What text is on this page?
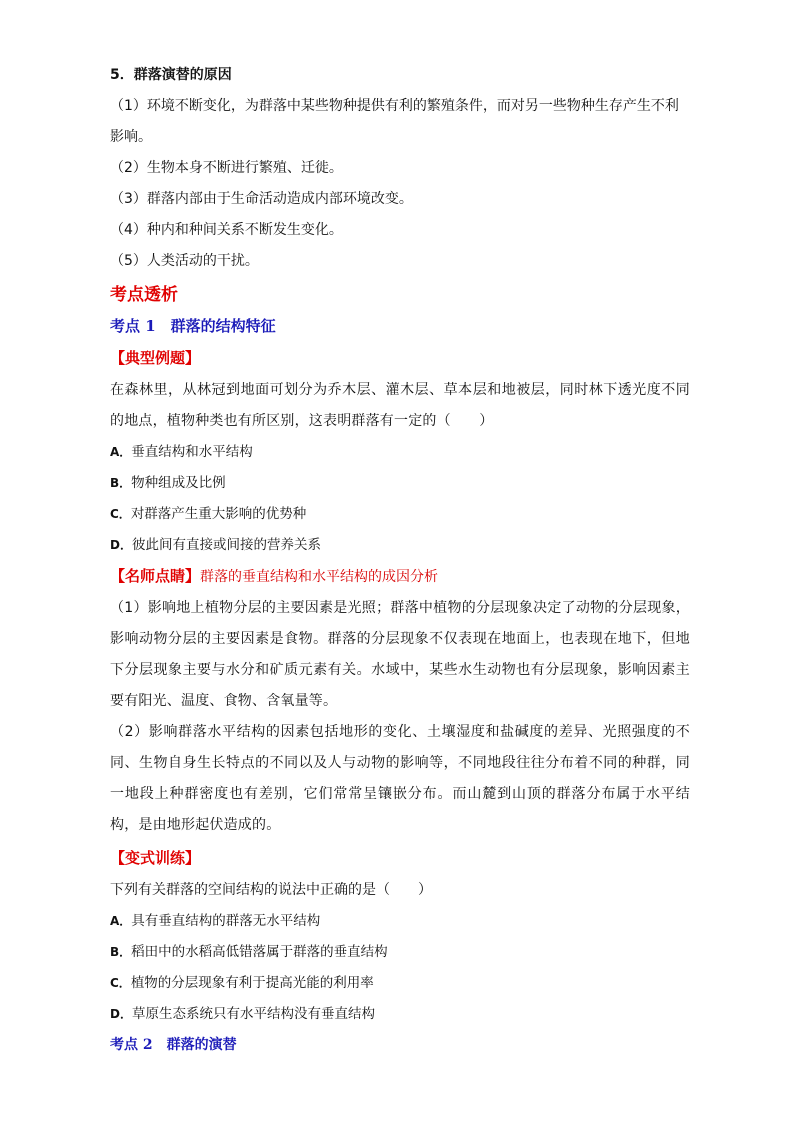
5．群落演替的原因
（1）环境不断变化，为群落中某些物种提供有利的繁殖条件，而对另一些物种生存产生不利影响。
（2）生物本身不断进行繁殖、迁徙。
（3）群落内部由于生命活动造成内部环境改变。
（4）种内和种间关系不断发生变化。
（5）人类活动的干扰。
考点透析
考点 1　群落的结构特征
【典型例题】
在森林里，从林冠到地面可划分为乔木层、灌木层、草本层和地被层，同时林下透光度不同的地点，植物种类也有所区别，这表明群落有一定的（　　）
A．垂直结构和水平结构
B．物种组成及比例
C．对群落产生重大影响的优势种
D．彼此间有直接或间接的营养关系
【名师点睛】群落的垂直结构和水平结构的成因分析
（1）影响地上植物分层的主要因素是光照；群落中植物的分层现象决定了动物的分层现象，影响动物分层的主要因素是食物。群落的分层现象不仅表现在地面上，也表现在地下，但地下分层现象主要与水分和矿质元素有关。水域中，某些水生动物也有分层现象，影响因素主要有阳光、温度、食物、含氧量等。
（2）影响群落水平结构的因素包括地形的变化、土壤湿度和盐碱度的差异、光照强度的不同、生物自身生长特点的不同以及人与动物的影响等，不同地段往往分布着不同的种群，同一地段上种群密度也有差别，它们常常呈镶嵌分布。而山麓到山顶的群落分布属于水平结构，是由地形起伏造成的。
【变式训练】
下列有关群落的空间结构的说法中正确的是（　　）
A．具有垂直结构的群落无水平结构
B．稻田中的水稻高低错落属于群落的垂直结构
C．植物的分层现象有利于提高光能的利用率
D．草原生态系统只有水平结构没有垂直结构
考点 2　群落的演替
